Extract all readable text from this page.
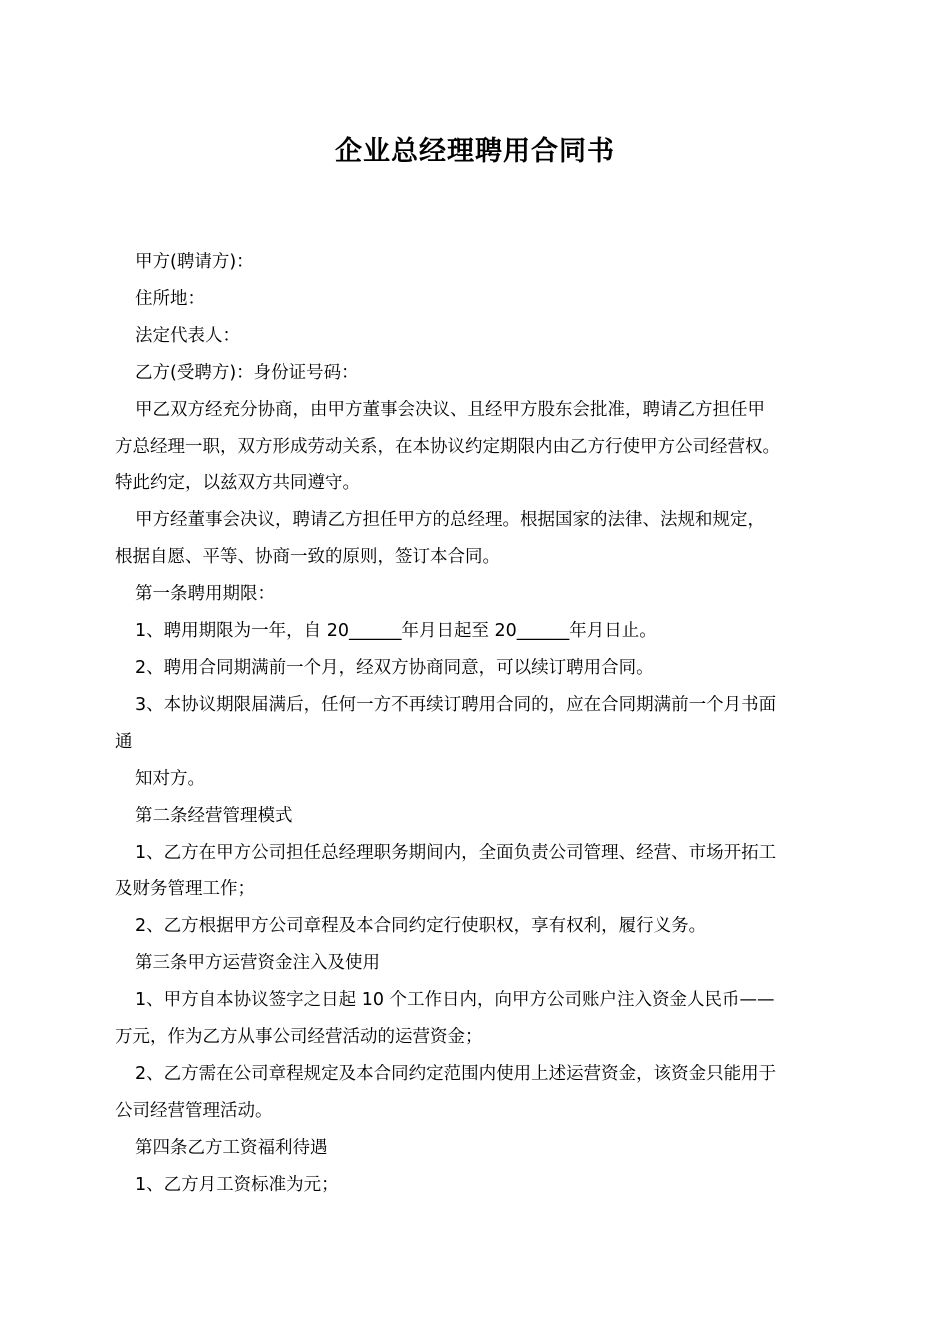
企业总经理聘用合同书

甲方(聘请方)：

住所地：

法定代表人：

乙方(受聘方)：身份证号码：

甲乙双方经充分协商，由甲方董事会决议、且经甲方股东会批准，聘请乙方担任甲

方总经理一职，双方形成劳动关系，在本协议约定期限内由乙方行使甲方公司经营权。

特此约定，以兹双方共同遵守。

甲方经董事会决议，聘请乙方担任甲方的总经理。根据国家的法律、法规和规定，

根据自愿、平等、协商一致的原则，签订本合同。

第一条聘用期限：

1、聘用期限为一年，自 20______年月日起至 20______年月日止。

2、聘用合同期满前一个月，经双方协商同意，可以续订聘用合同。

3、本协议期限届满后，任何一方不再续订聘用合同的，应在合同期满前一个月书面

通

知对方。

第二条经营管理模式

1、乙方在甲方公司担任总经理职务期间内，全面负责公司管理、经营、市场开拓工

及财务管理工作；

2、乙方根据甲方公司章程及本合同约定行使职权，享有权利，履行义务。

第三条甲方运营资金注入及使用

1、甲方自本协议签字之日起 10 个工作日内，向甲方公司账户注入资金人民币——

万元，作为乙方从事公司经营活动的运营资金；

2、乙方需在公司章程规定及本合同约定范围内使用上述运营资金，该资金只能用于

公司经营管理活动。

第四条乙方工资福利待遇

1、乙方月工资标准为元；
